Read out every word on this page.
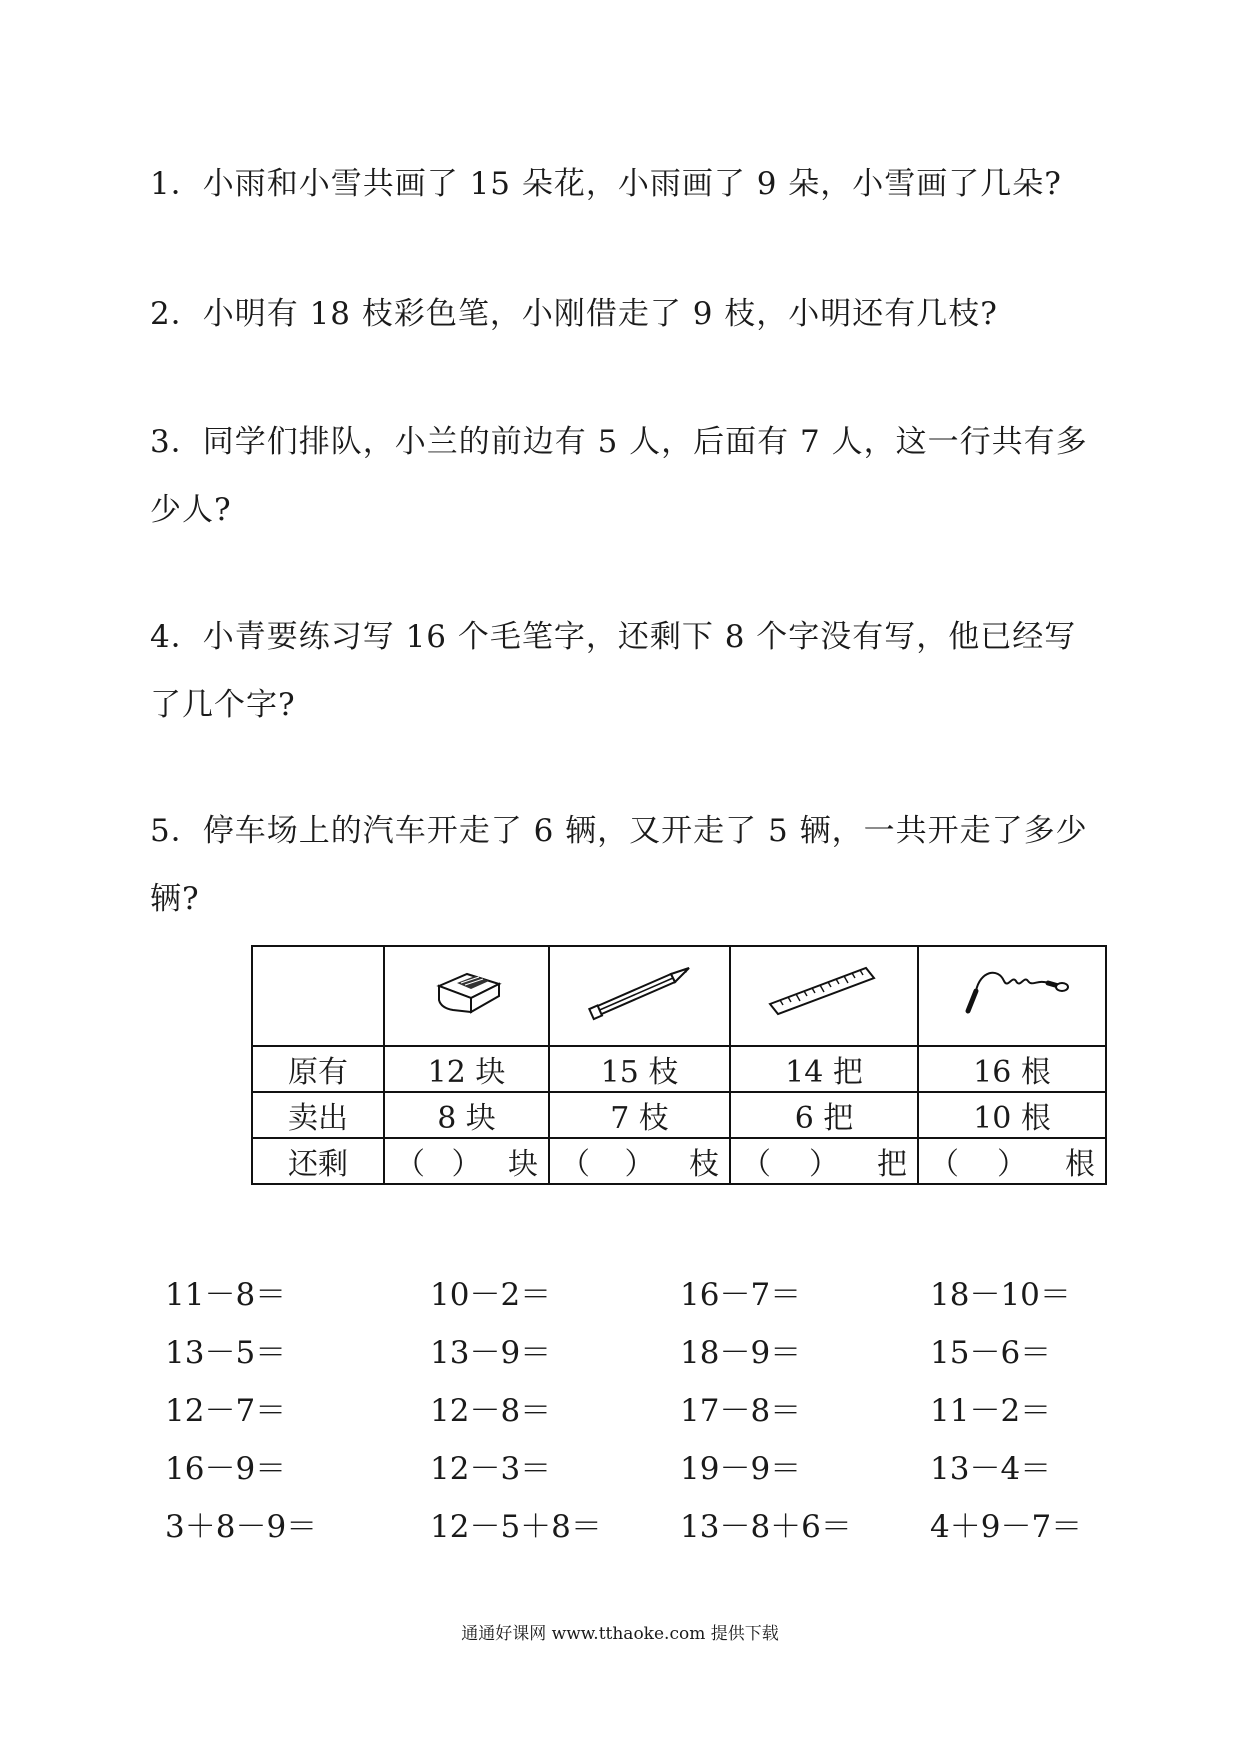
1．小雨和小雪共画了 15 朵花，小雨画了 9 朵，小雪画了几朵?
2．小明有 18 枝彩色笔，小刚借走了 9 枝，小明还有几枝?
3．同学们排队，小兰的前边有 5 人，后面有 7 人，这一行共有多
少人?
4．小青要练习写 16 个毛笔字，还剩下 8 个字没有写，他已经写
了几个字?
5．停车场上的汽车开走了 6 辆，又开走了 5 辆，一共开走了多少
辆?

原有	12 块	15 枝	14 把	16 根
卖出	8 块	7 枝	6 把	10 根
还剩	（ ） 块	（ ） 枝	（ ） 把	（ ） 根
11－8＝	10－2＝	16－7＝	18－10＝
13－5＝	13－9＝	18－9＝	15－6＝
12－7＝	12－8＝	17－8＝	11－2＝
16－9＝	12－3＝	19－9＝	13－4＝
3＋8－9＝	12－5＋8＝	13－8＋6＝	4＋9－7＝
通通好课网 www.tthaoke.com 提供下载
